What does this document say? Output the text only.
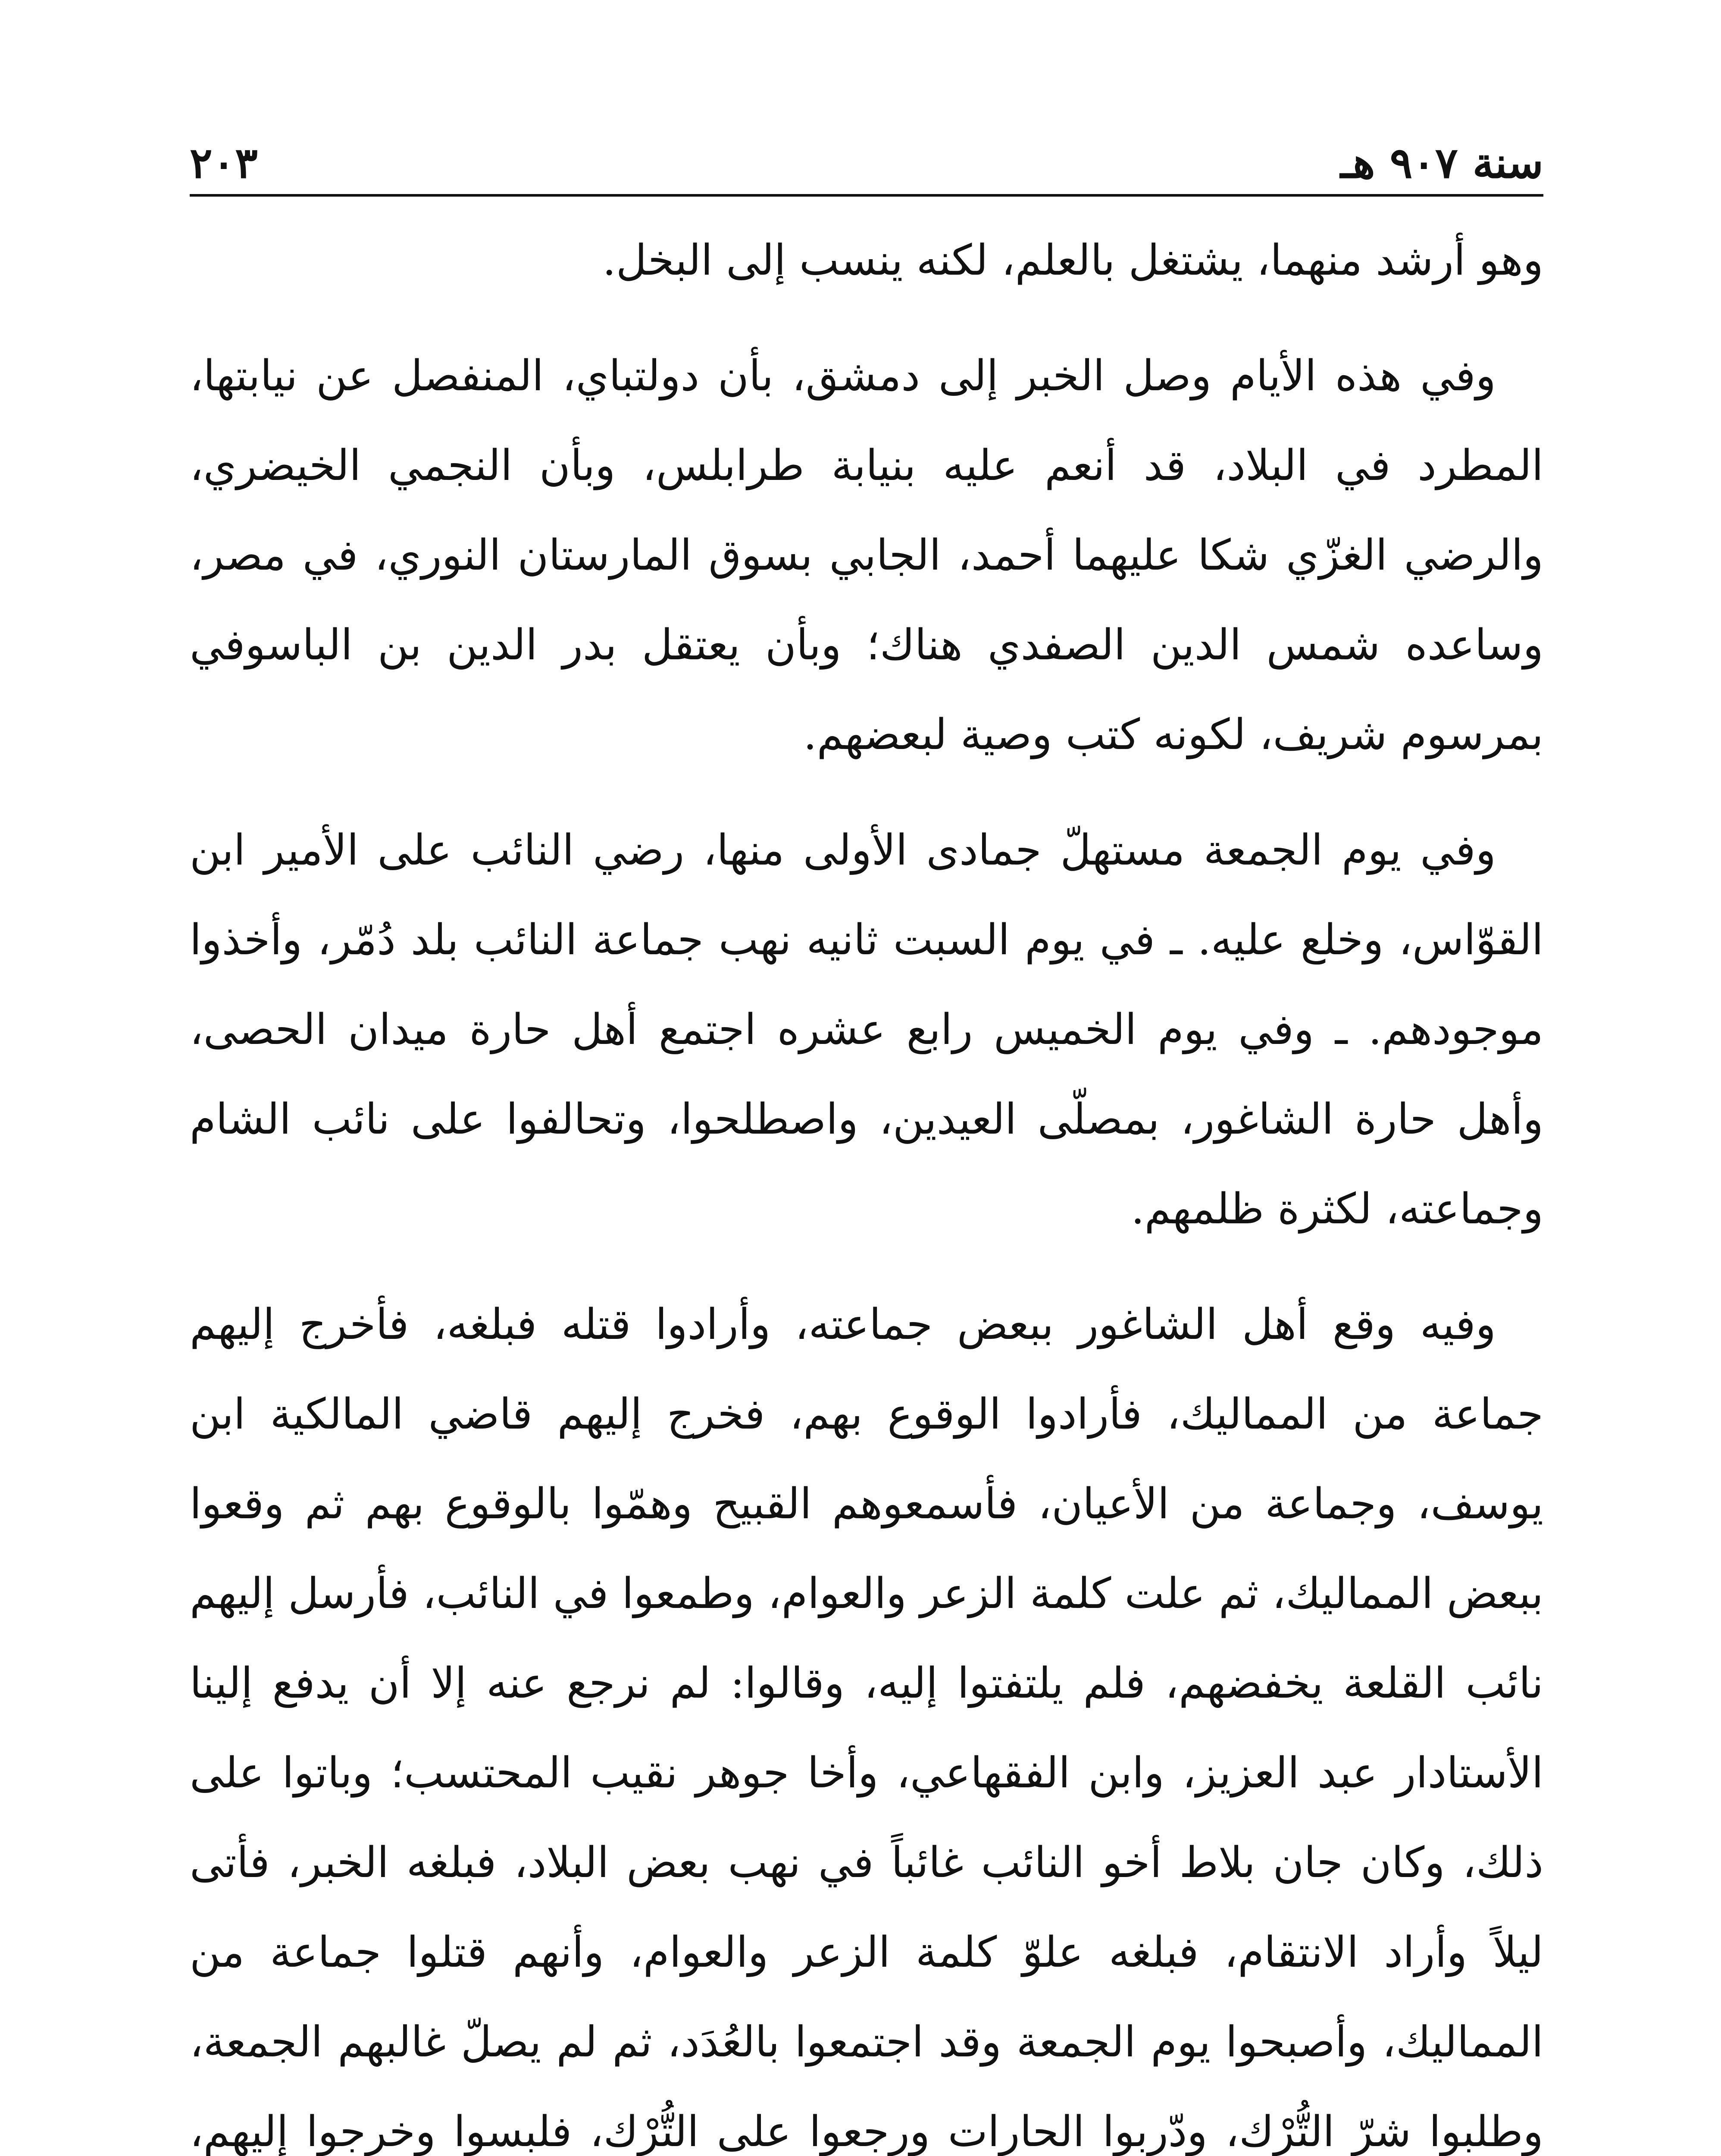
سنة ٩٠٧ هـ
٢٠٣

وهو أرشد منهما، يشتغل بالعلم، لكنه ينسب إلى البخل.

وفي هذه الأيام وصل الخبر إلى دمشق، بأن دولتباي، المنفصل عن نيابتها، المطرد في البلاد، قد أنعم عليه بنيابة طرابلس، وبأن النجمي الخيضري، والرضي الغزّي شكا عليهما أحمد، الجابي بسوق المارستان النوري، في مصر، وساعده شمس الدين الصفدي هناك؛ وبأن يعتقل بدر الدين بن الباسوفي بمرسوم شريف، لكونه كتب وصية لبعضهم.

وفي يوم الجمعة مستهلّ جمادى الأولى منها، رضي النائب على الأمير ابن القوّاس، وخلع عليه. ـ في يوم السبت ثانيه نهب جماعة النائب بلد دُمّر، وأخذوا موجودهم. ـ وفي يوم الخميس رابع عشره اجتمع أهل حارة ميدان الحصى، وأهل حارة الشاغور، بمصلّى العيدين، واصطلحوا، وتحالفوا على نائب الشام وجماعته، لكثرة ظلمهم.

وفيه وقع أهل الشاغور ببعض جماعته، وأرادوا قتله فبلغه، فأخرج إليهم جماعة من المماليك، فأرادوا الوقوع بهم، فخرج إليهم قاضي المالكية ابن يوسف، وجماعة من الأعيان، فأسمعوهم القبيح وهمّوا بالوقوع بهم ثم وقعوا ببعض المماليك، ثم علت كلمة الزعر والعوام، وطمعوا في النائب، فأرسل إليهم نائب القلعة يخفضهم، فلم يلتفتوا إليه، وقالوا: لم نرجع عنه إلا أن يدفع إلينا الأستادار عبد العزيز، وابن الفقهاعي، وأخا جوهر نقيب المحتسب؛ وباتوا على ذلك، وكان جان بلاط أخو النائب غائباً في نهب بعض البلاد، فبلغه الخبر، فأتى ليلاً وأراد الانتقام، فبلغه علوّ كلمة الزعر والعوام، وأنهم قتلوا جماعة من المماليك، وأصبحوا يوم الجمعة وقد اجتمعوا بالعُدَد، ثم لم يصلّ غالبهم الجمعة، وطلبوا شرّ التُّرْك، ودّربوا الحارات ورجعوا على التُّرْك، فلبسوا وخرجوا إليهم،
